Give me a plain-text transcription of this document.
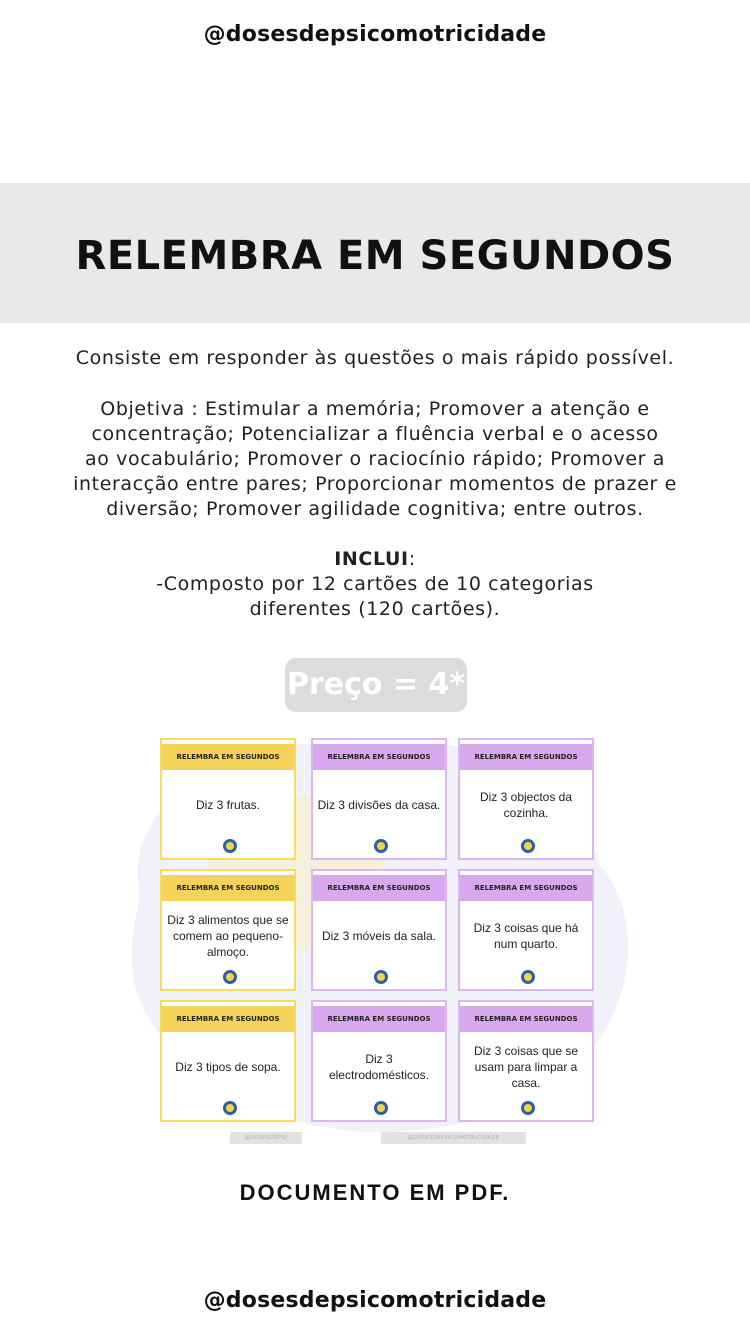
@dosesdepsicomotricidade
RELEMBRA EM SEGUNDOS
Consiste em responder às questões o mais rápido possível.
Objetiva : Estimular a memória; Promover a atenção e
concentração; Potencializar a fluência verbal e o acesso
ao vocabulário; Promover o raciocínio rápido; Promover a
interacção entre pares; Proporcionar momentos de prazer e
diversão; Promover agilidade cognitiva; entre outros.
INCLUI:
-Composto por 12 cartões de 10 categorias
diferentes (120 cartões).
Preço = 4*
RELEMBRA EM SEGUNDOS
Diz 3 frutas.
RELEMBRA EM SEGUNDOS
Diz 3 divisões da casa.
RELEMBRA EM SEGUNDOS
Diz 3 objectos da cozinha.
RELEMBRA EM SEGUNDOS
Diz 3 alimentos que se comem ao pequeno-almoço.
RELEMBRA EM SEGUNDOS
Diz 3 móveis da sala.
RELEMBRA EM SEGUNDOS
Diz 3 coisas que há num quarto.
RELEMBRA EM SEGUNDOS
Diz 3 tipos de sopa.
RELEMBRA EM SEGUNDOS
Diz 3 electrodomésticos.
RELEMBRA EM SEGUNDOS
Diz 3 coisas que se usam para limpar a casa.
@DOSESDEPSI	@DOSESDEPSICOMOTRICIDADE
DOCUMENTO EM PDF.
@dosesdepsicomotricidade
